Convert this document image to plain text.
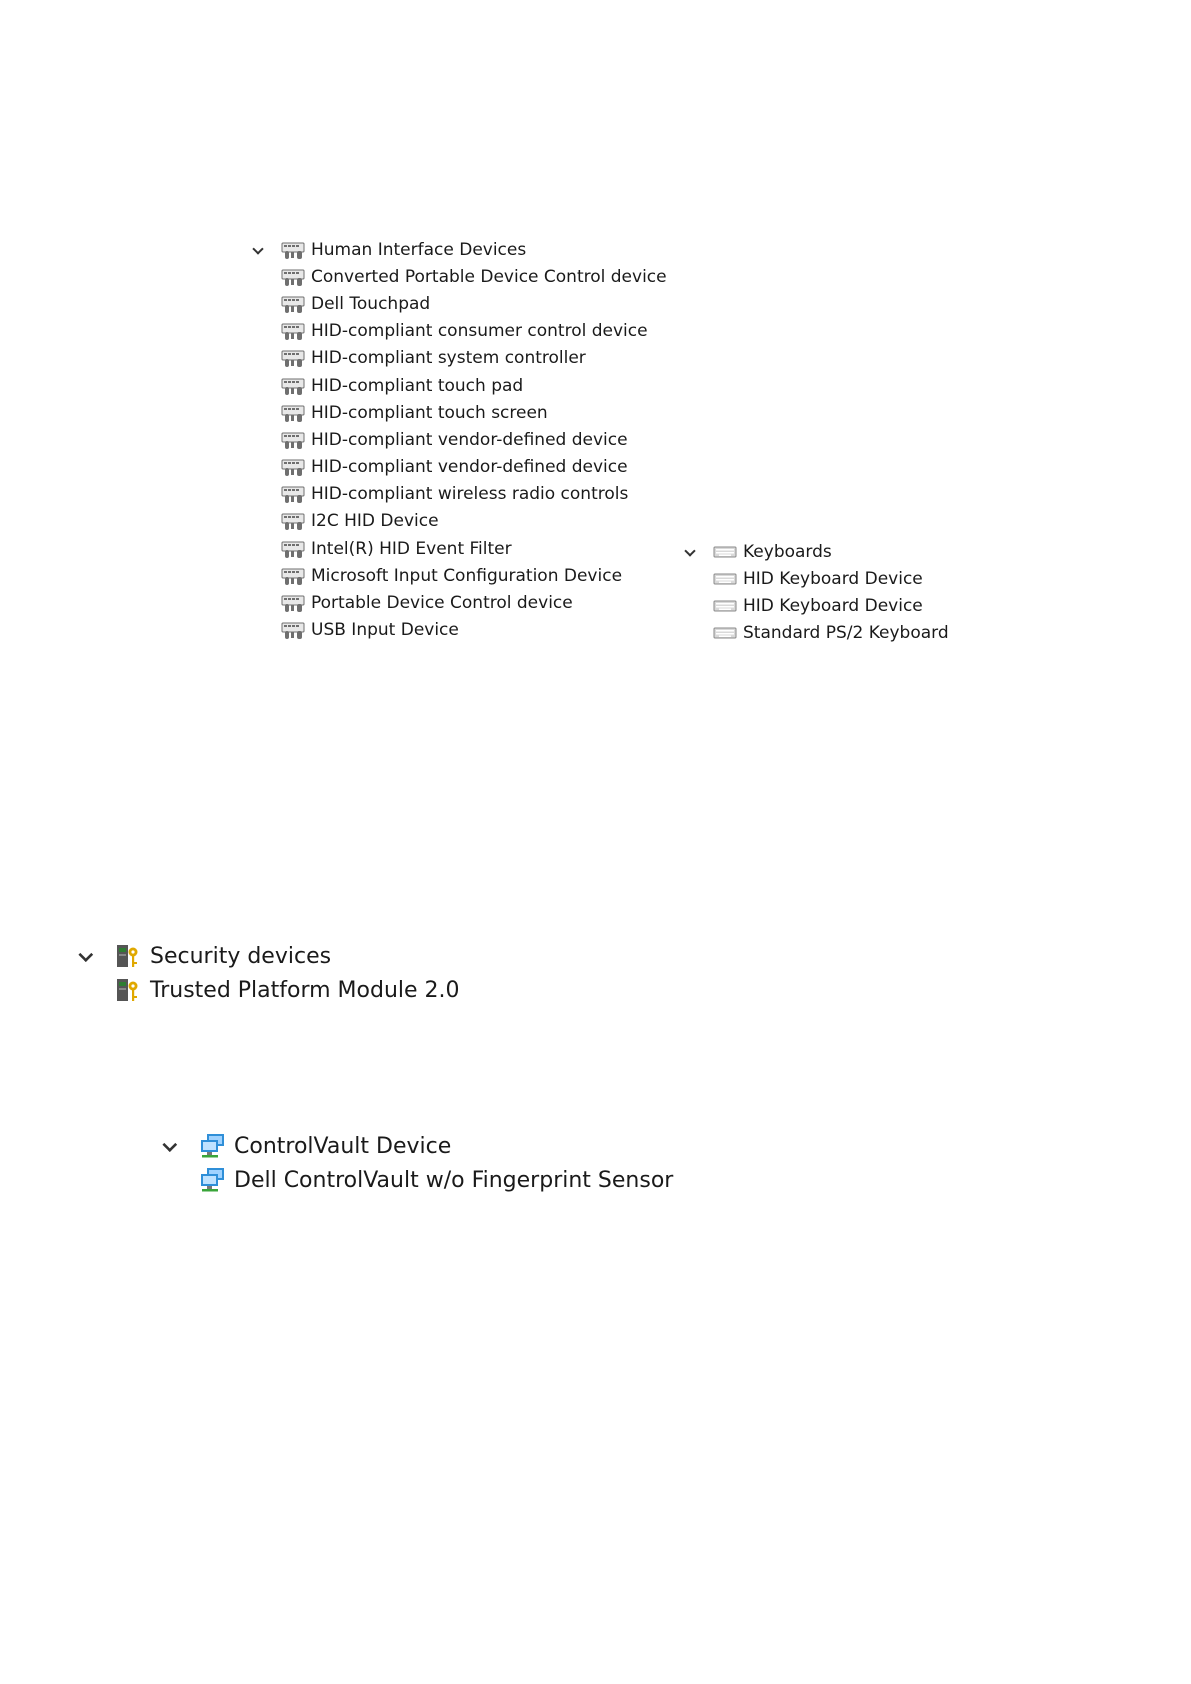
Human Interface Devices
Converted Portable Device Control device
Dell Touchpad
HID-compliant consumer control device
HID-compliant system controller
HID-compliant touch pad
HID-compliant touch screen
HID-compliant vendor-defined device
HID-compliant vendor-defined device
HID-compliant wireless radio controls
I2C HID Device
Intel(R) HID Event Filter
Microsoft Input Configuration Device
Portable Device Control device
USB Input Device
Keyboards
HID Keyboard Device
HID Keyboard Device
Standard PS/2 Keyboard
Security devices
Trusted Platform Module 2.0
ControlVault Device
Dell ControlVault w/o Fingerprint Sensor
